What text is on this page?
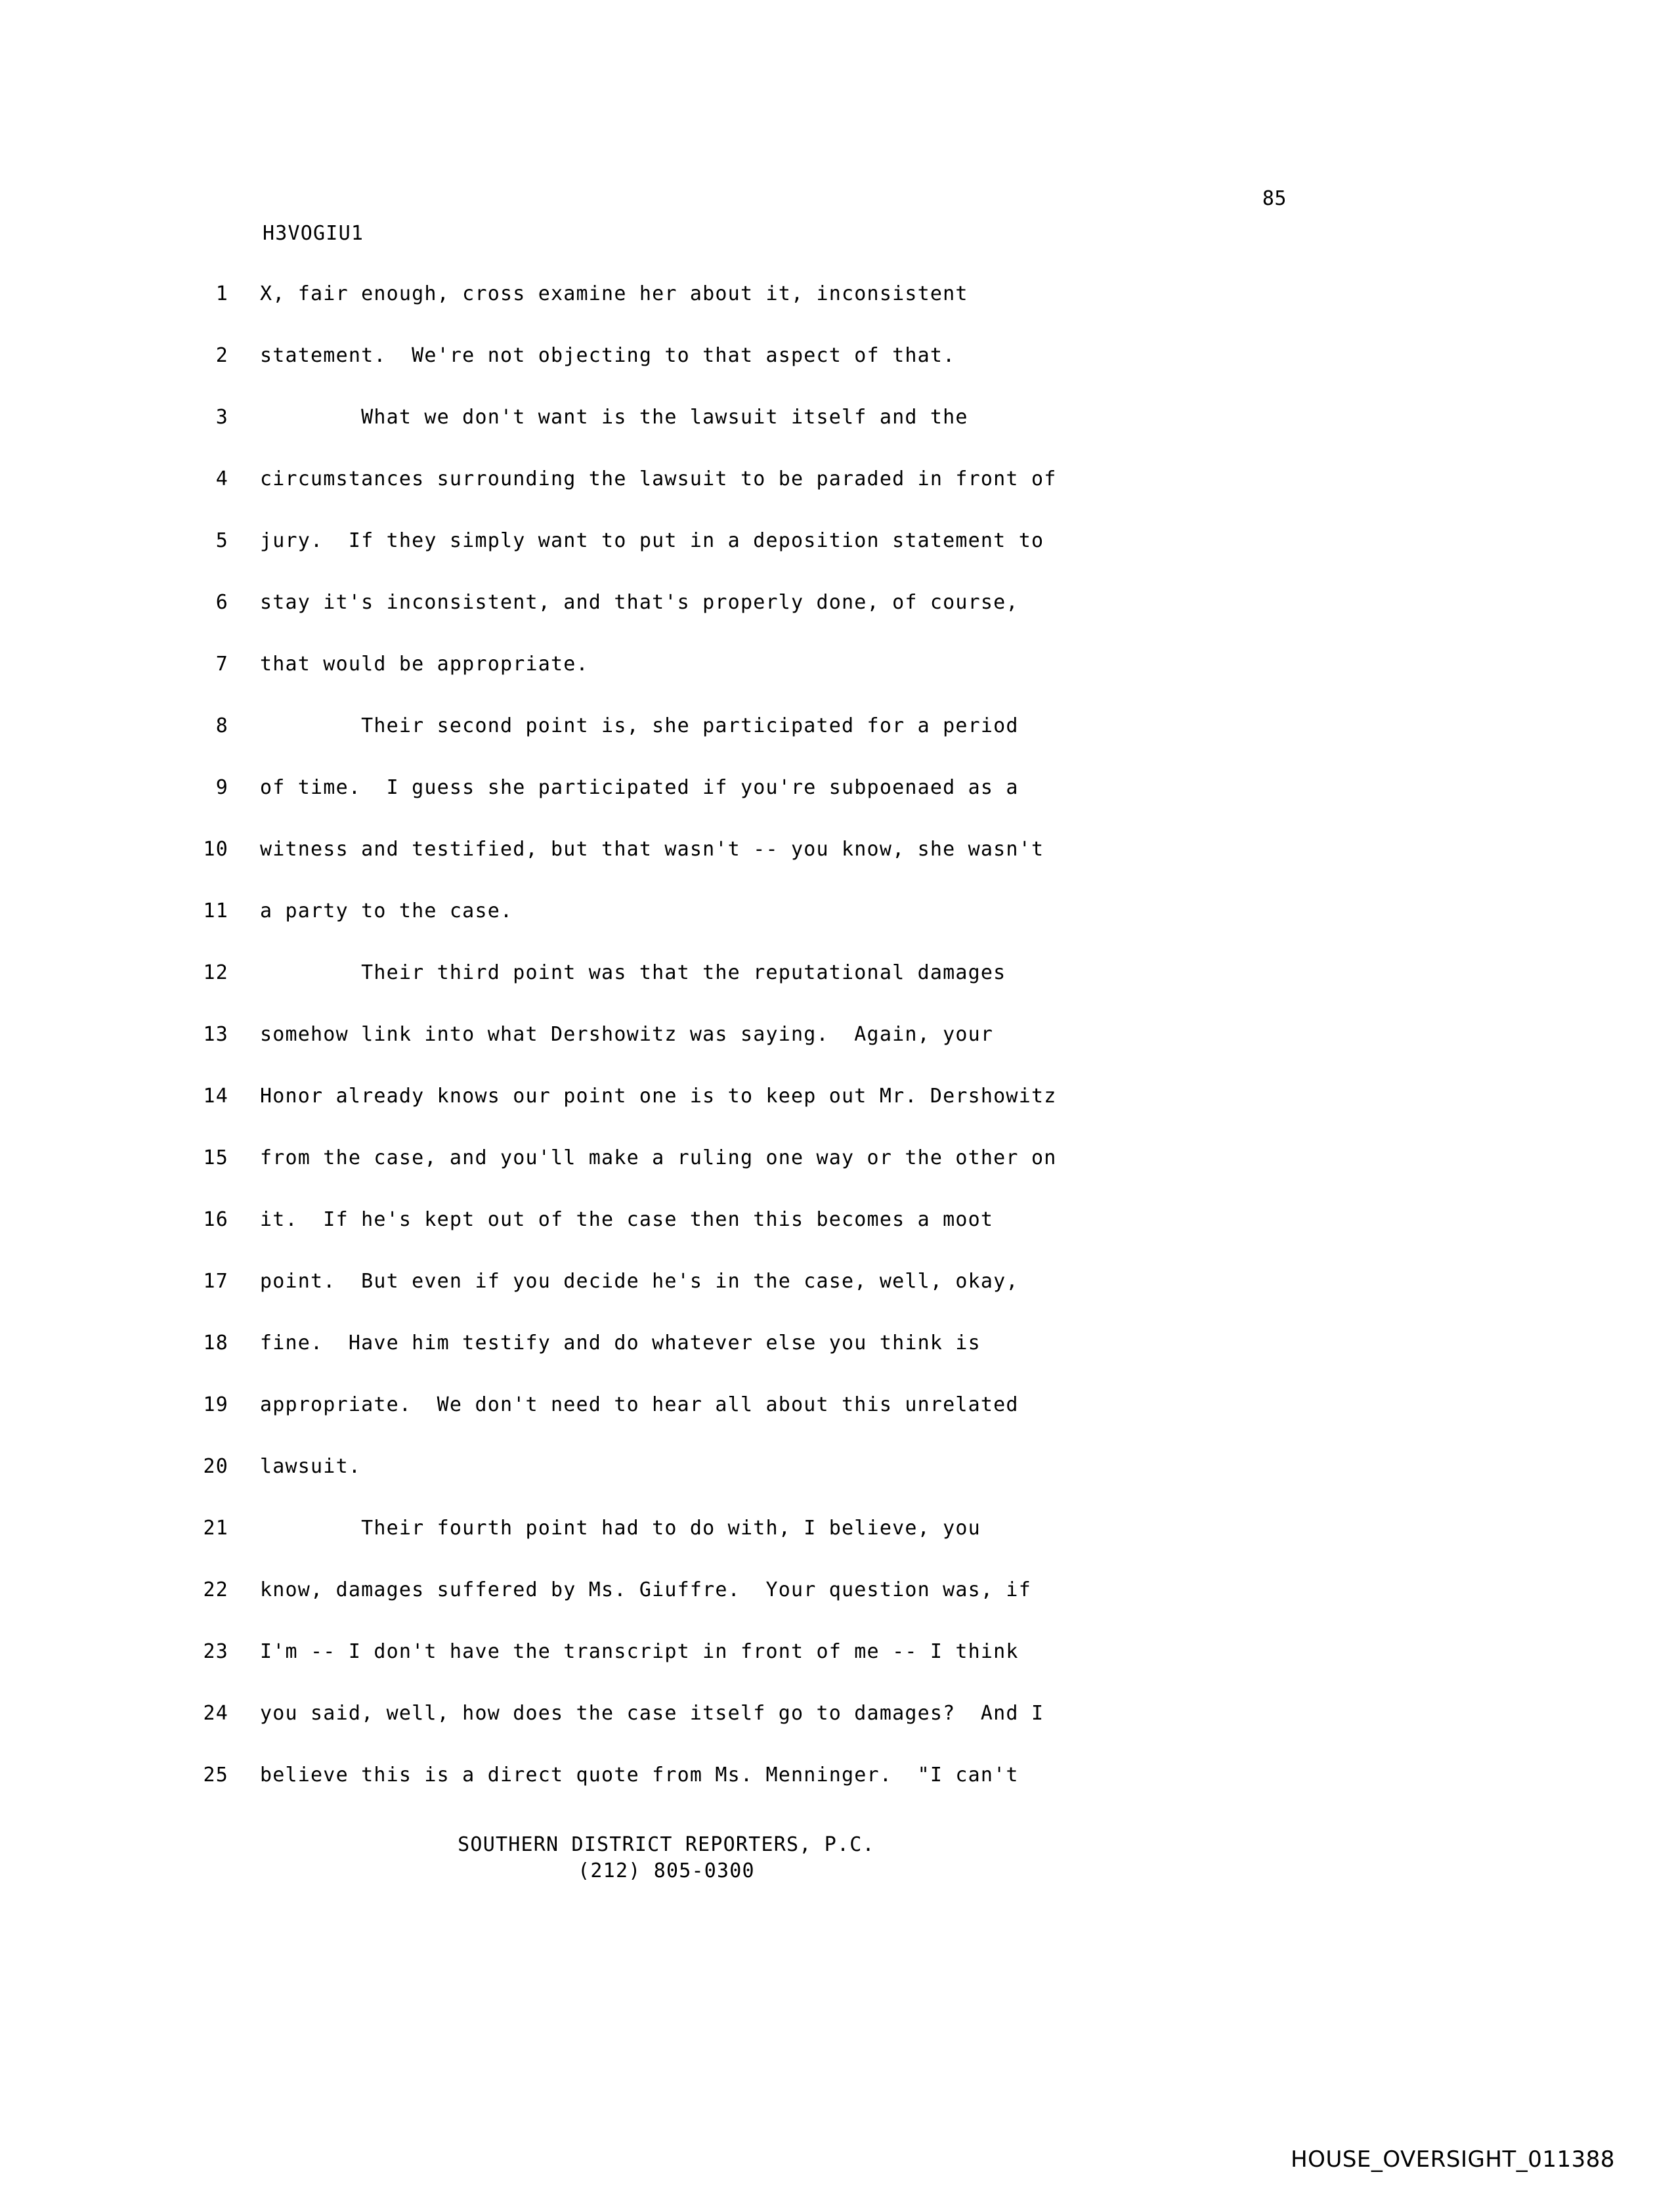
85
H3VOGIU1
1 X, fair enough, cross examine her about it, inconsistent
2 statement.  We're not objecting to that aspect of that.
3 What we don't want is the lawsuit itself and the
4 circumstances surrounding the lawsuit to be paraded in front of
5 jury.  If they simply want to put in a deposition statement to
6 stay it's inconsistent, and that's properly done, of course,
7 that would be appropriate.
8 Their second point is, she participated for a period
9 of time.  I guess she participated if you're subpoenaed as a
10 witness and testified, but that wasn't -- you know, she wasn't
11 a party to the case.
12 Their third point was that the reputational damages
13 somehow link into what Dershowitz was saying.  Again, your
14 Honor already knows our point one is to keep out Mr. Dershowitz
15 from the case, and you'll make a ruling one way or the other on
16 it.  If he's kept out of the case then this becomes a moot
17 point.  But even if you decide he's in the case, well, okay,
18 fine.  Have him testify and do whatever else you think is
19 appropriate.  We don't need to hear all about this unrelated
20 lawsuit.
21 Their fourth point had to do with, I believe, you
22 know, damages suffered by Ms. Giuffre.  Your question was, if
23 I'm -- I don't have the transcript in front of me -- I think
24 you said, well, how does the case itself go to damages?  And I
25 believe this is a direct quote from Ms. Menninger.  "I can't
SOUTHERN DISTRICT REPORTERS, P.C.
(212) 805-0300
HOUSE_OVERSIGHT_011388
